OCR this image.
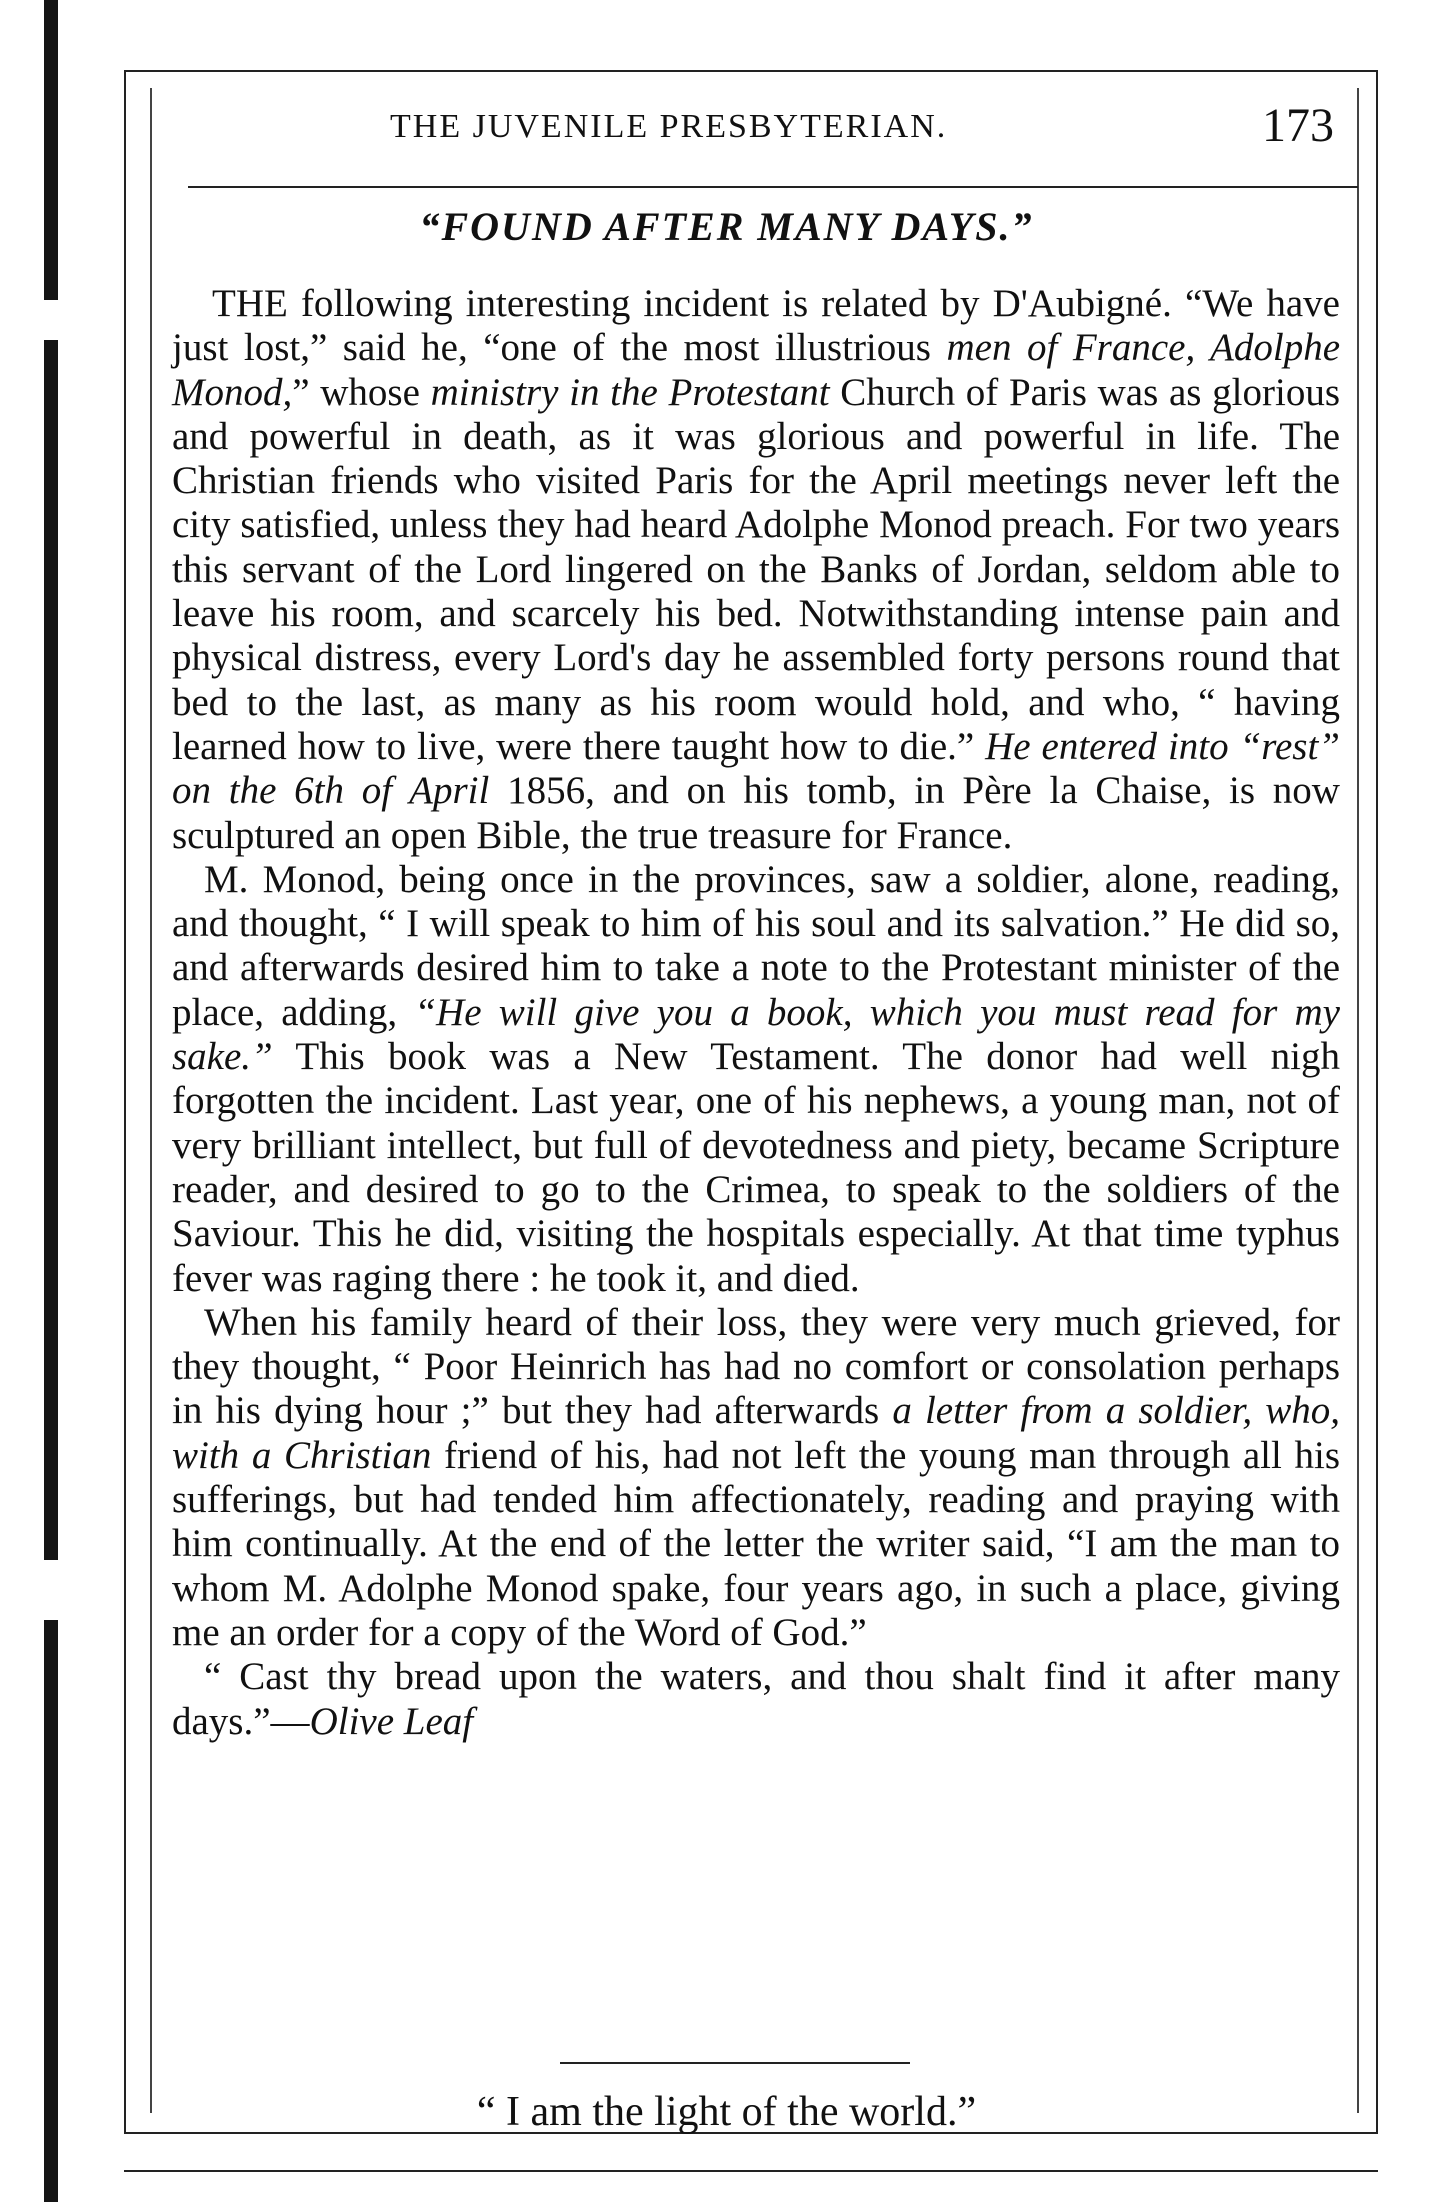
THE JUVENILE PRESBYTERIAN.	173
“FOUND AFTER MANY DAYS.”

THE following interesting incident is related by D'Aubigné. “We have just lost,” said he, “one of the most illustrious men of France, Adolphe Monod,” whose ministry in the Protestant Church of Paris was as glorious and powerful in death, as it was glorious and powerful in life. The Christian friends who visited Paris for the April meetings never left the city satisfied, unless they had heard Adolphe Monod preach. For two years this servant of the Lord lingered on the Banks of Jordan, seldom able to leave his room, and scarcely his bed. Notwithstanding intense pain and physical distress, every Lord's day he assembled forty persons round that bed to the last, as many as his room would hold, and who, “ having learned how to live, were there taught how to die.” He entered into “rest” on the 6th of April 1856, and on his tomb, in Père la Chaise, is now sculptured an open Bible, the true treasure for France.

M. Monod, being once in the provinces, saw a soldier, alone, reading, and thought, “ I will speak to him of his soul and its salvation.” He did so, and afterwards desired him to take a note to the Protestant minister of the place, adding, “He will give you a book, which you must read for my sake.” This book was a New Testament. The donor had well nigh forgotten the incident. Last year, one of his nephews, a young man, not of very brilliant intellect, but full of devotedness and piety, became Scripture reader, and desired to go to the Crimea, to speak to the soldiers of the Saviour. This he did, visiting the hospitals especially. At that time typhus fever was raging there : he took it, and died.

When his family heard of their loss, they were very much grieved, for they thought, “ Poor Heinrich has had no comfort or consolation perhaps in his dying hour ;” but they had afterwards a letter from a soldier, who, with a Christian friend of his, had not left the young man through all his sufferings, but had tended him affectionately, reading and praying with him continually. At the end of the letter the writer said, “I am the man to whom M. Adolphe Monod spake, four years ago, in such a place, giving me an order for a copy of the Word of God.”

“ Cast thy bread upon the waters, and thou shalt find it after many days.”—Olive Leaf

“ I am the light of the world.”
